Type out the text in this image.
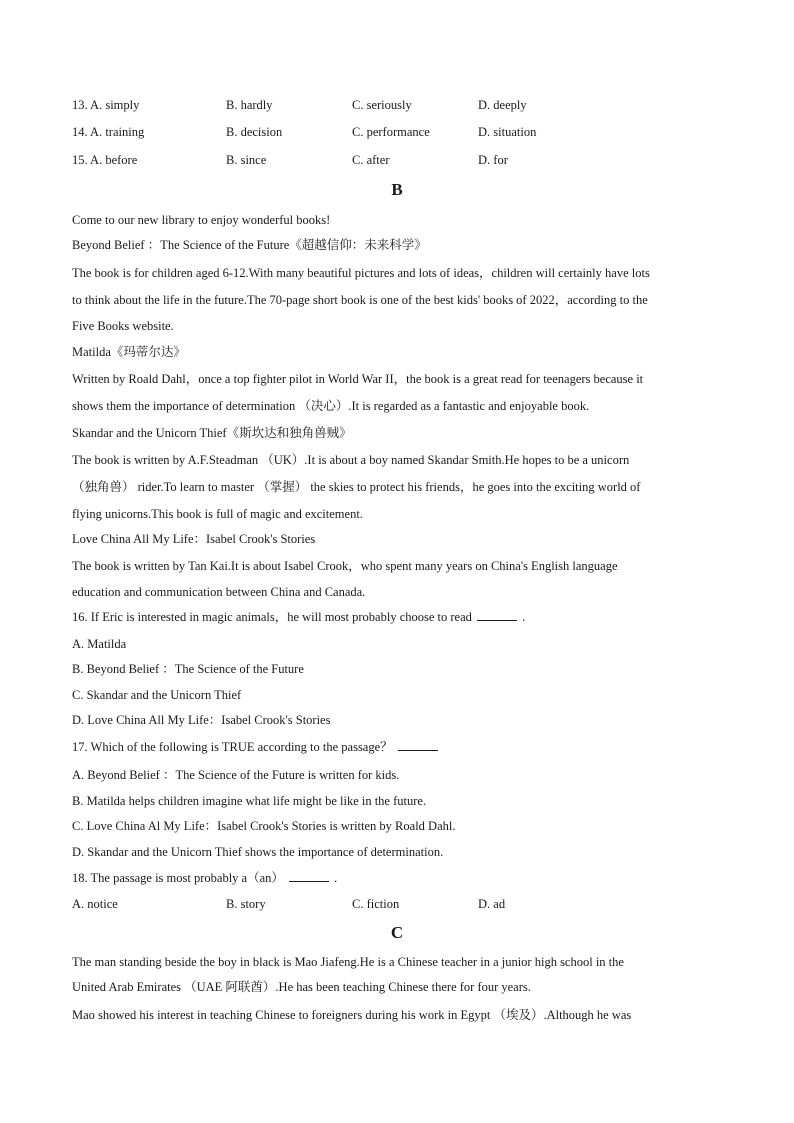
13. A. simply	B. hardly	C. seriously	D. deeply
14. A. training	B. decision	C. performance	D. situation
15. A. before	B. since	C. after	D. for
B
Come to our new library to enjoy wonderful books!
Beyond Belief ：The Science of the Future《超越信仰：未来科学》
The book is for children aged 6-12.With many beautiful pictures and lots of ideas，children will certainly have lots
to think about the life in the future.The 70-page short book is one of the best kids' books of 2022，according to the
Five Books website.
Matilda《玛蒂尔达》
Written by Roald Dahl，once a top fighter pilot in World War II，the book is a great read for teenagers because it
shows them the importance of determination （决心）.It is regarded as a fantastic and enjoyable book.
Skandar and the Unicorn Thief《斯坎达和独角兽贼》
The book is written by A.F.Steadman （UK）.It is about a boy named Skandar Smith.He hopes to be a unicorn
（独角兽） rider.To learn to master （掌握） the skies to protect his friends，he goes into the exciting world of
flying unicorns.This book is full of magic and excitement.
Love China All My Life：Isabel Crook's Stories
The book is written by Tan Kai.It is about Isabel Crook，who spent many years on China's English language
education and communication between China and Canada.
16. If Eric is interested in magic animals，he will most probably choose to read	.
A. Matilda
B. Beyond Belief ：The Science of the Future
C. Skandar and the Unicorn Thief
D. Love China All My Life：Isabel Crook's Stories
17. Which of the following is TRUE according to the passage？
A. Beyond Belief ：The Science of the Future is written for kids.
B. Matilda helps children imagine what life might be like in the future.
C. Love China Al My Life：Isabel Crook's Stories is written by Roald Dahl.
D. Skandar and the Unicorn Thief shows the importance of determination.
18. The passage is most probably a（an）	.
A. notice	B. story	C. fiction	D. ad
C
The man standing beside the boy in black is Mao Jiafeng.He is a Chinese teacher in a junior high school in the
United Arab Emirates （UAE 阿联酋）.He has been teaching Chinese there for four years.
Mao showed his interest in teaching Chinese to foreigners during his work in Egypt （埃及）.Although he was
